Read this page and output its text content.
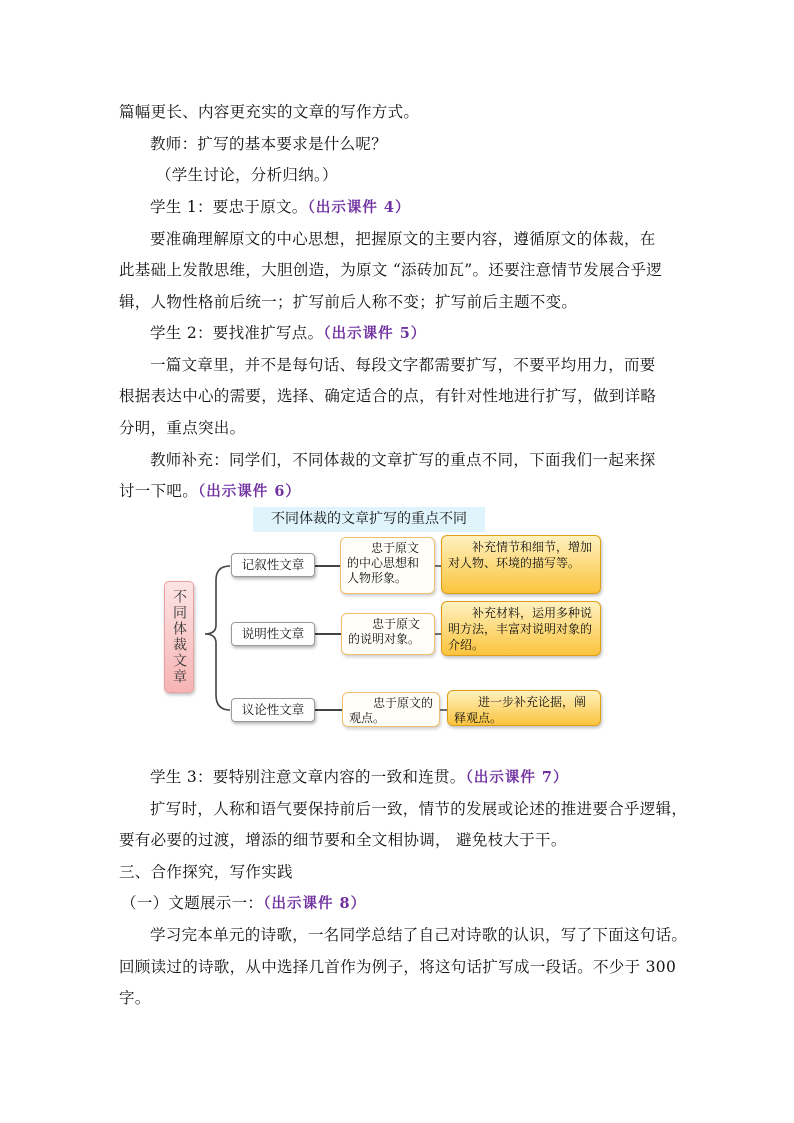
篇幅更长、内容更充实的文章的写作方式。
教师：扩写的基本要求是什么呢？
（学生讨论，分析归纳。）
学生 1：要忠于原文。（出示课件 4）
要准确理解原文的中心思想，把握原文的主要内容，遵循原文的体裁，在
此基础上发散思维，大胆创造，为原文 “添砖加瓦”。还要注意情节发展合乎逻
辑，人物性格前后统一；扩写前后人称不变；扩写前后主题不变。
学生 2：要找准扩写点。（出示课件 5）
一篇文章里，并不是每句话、每段文字都需要扩写，不要平均用力，而要
根据表达中心的需要，选择、确定适合的点，有针对性地进行扩写，做到详略
分明，重点突出。
教师补充：同学们，不同体裁的文章扩写的重点不同，下面我们一起来探
讨一下吧。（出示课件 6）
不同体裁的文章扩写的重点不同
不同体裁文章
记叙性文章
说明性文章
议论性文章
忠于原文的中心思想和人物形象。
忠于原文的说明对象。
忠于原文的观点。
补充情节和细节，增加对人物、环境的描写等。
补充材料，运用多种说明方法，丰富对说明对象的介绍。
进一步补充论据，阐释观点。
学生 3：要特别注意文章内容的一致和连贯。（出示课件 7）
扩写时，人称和语气要保持前后一致，情节的发展或论述的推进要合乎逻辑，
要有必要的过渡，增添的细节要和全文相协调， 避免枝大于干。
三、合作探究，写作实践
（一）文题展示一：（出示课件 8）
学习完本单元的诗歌，一名同学总结了自己对诗歌的认识，写了下面这句话。
回顾读过的诗歌，从中选择几首作为例子，将这句话扩写成一段话。不少于 300
字。
